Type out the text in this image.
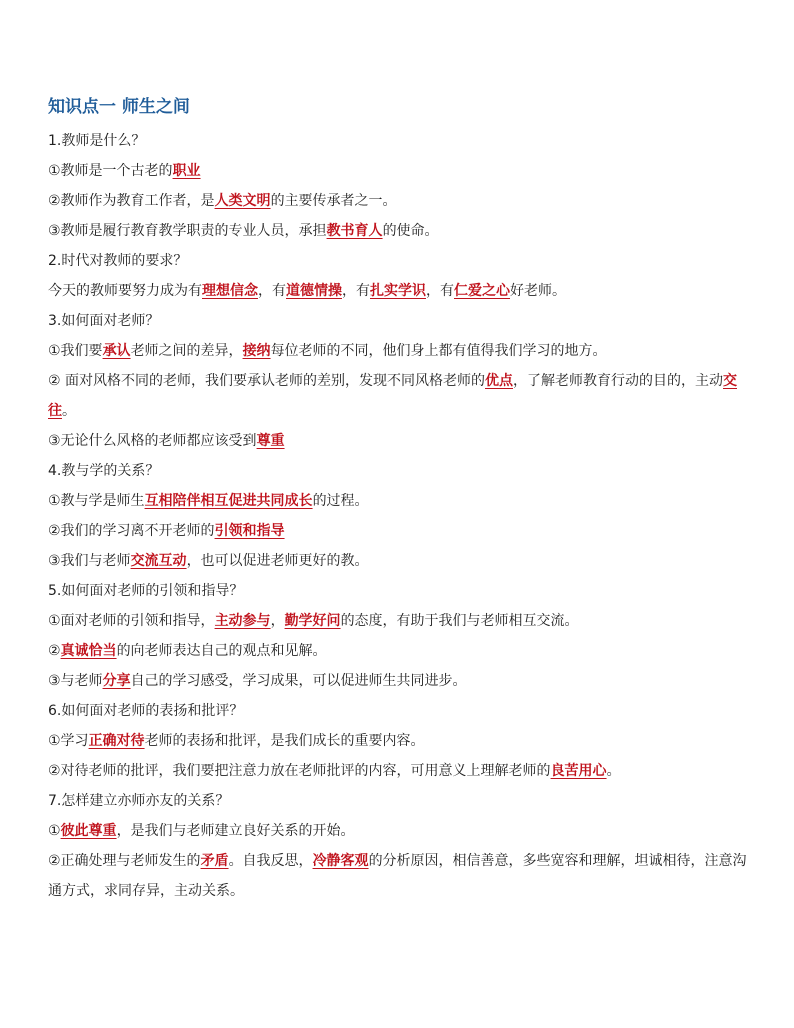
知识点一 师生之间
1.教师是什么？
①教师是一个古老的职业
②教师作为教育工作者，是人类文明的主要传承者之一。
③教师是履行教育教学职责的专业人员，承担教书育人的使命。
2.时代对教师的要求？
今天的教师要努力成为有理想信念，有道德情操，有扎实学识，有仁爱之心好老师。
3.如何面对老师？
①我们要承认老师之间的差异，接纳每位老师的不同，他们身上都有值得我们学习的地方。
② 面对风格不同的老师，我们要承认老师的差别，发现不同风格老师的优点，了解老师教育行动的目的，主动交往。
③无论什么风格的老师都应该受到尊重
4.教与学的关系？
①教与学是师生互相陪伴相互促进共同成长的过程。
②我们的学习离不开老师的引领和指导
③我们与老师交流互动，也可以促进老师更好的教。
5.如何面对老师的引领和指导？
①面对老师的引领和指导，主动参与，勤学好问的态度，有助于我们与老师相互交流。
②真诚恰当的向老师表达自己的观点和见解。
③与老师分享自己的学习感受，学习成果，可以促进师生共同进步。
6.如何面对老师的表扬和批评？
①学习正确对待老师的表扬和批评，是我们成长的重要内容。
②对待老师的批评，我们要把注意力放在老师批评的内容，可用意义上理解老师的良苦用心。
7.怎样建立亦师亦友的关系？
①彼此尊重，是我们与老师建立良好关系的开始。
②正确处理与老师发生的矛盾。自我反思，冷静客观的分析原因，相信善意，多些宽容和理解，坦诚相待，注意沟通方式，求同存异，主动关系。
